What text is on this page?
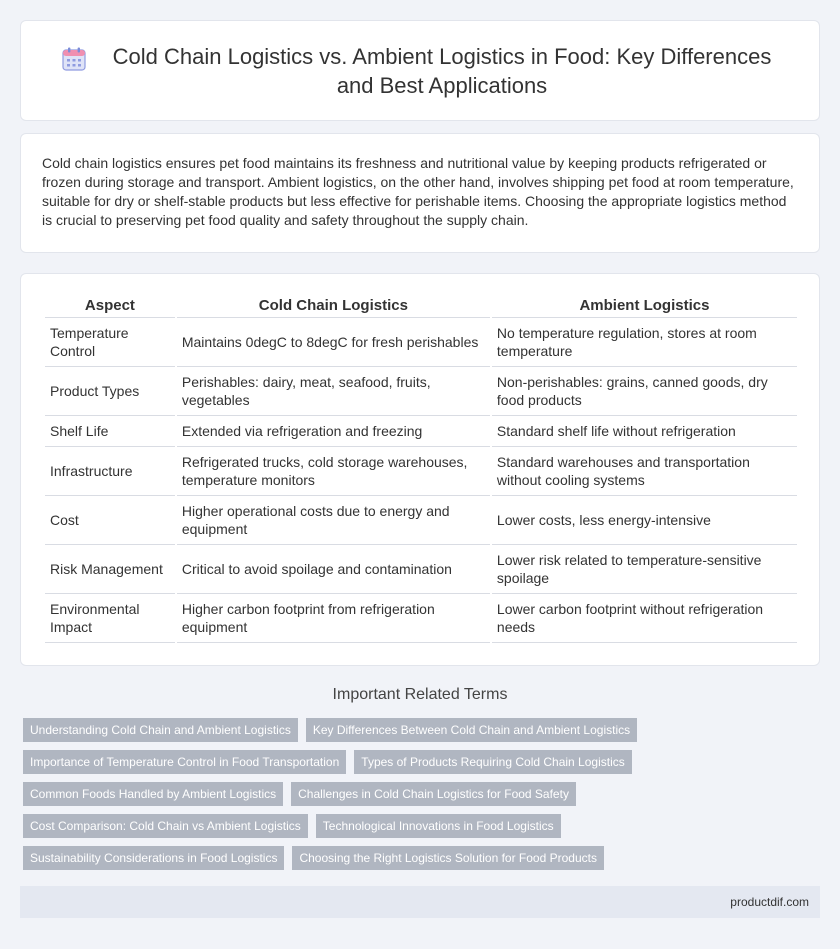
Cold Chain Logistics vs. Ambient Logistics in Food: Key Differences and Best Applications

Cold chain logistics ensures pet food maintains its freshness and nutritional value by keeping products refrigerated or frozen during storage and transport. Ambient logistics, on the other hand, involves shipping pet food at room temperature, suitable for dry or shelf-stable products but less effective for perishable items. Choosing the appropriate logistics method is crucial to preserving pet food quality and safety throughout the supply chain.

Aspect	Cold Chain Logistics	Ambient Logistics
Temperature Control	Maintains 0degC to 8degC for fresh perishables	No temperature regulation, stores at room temperature
Product Types	Perishables: dairy, meat, seafood, fruits, vegetables	Non-perishables: grains, canned goods, dry food products
Shelf Life	Extended via refrigeration and freezing	Standard shelf life without refrigeration
Infrastructure	Refrigerated trucks, cold storage warehouses, temperature monitors	Standard warehouses and transportation without cooling systems
Cost	Higher operational costs due to energy and equipment	Lower costs, less energy-intensive
Risk Management	Critical to avoid spoilage and contamination	Lower risk related to temperature-sensitive spoilage
Environmental Impact	Higher carbon footprint from refrigeration equipment	Lower carbon footprint without refrigeration needs
Important Related Terms
Understanding Cold Chain and Ambient Logistics	Key Differences Between Cold Chain and Ambient Logistics
Importance of Temperature Control in Food Transportation	Types of Products Requiring Cold Chain Logistics
Common Foods Handled by Ambient Logistics	Challenges in Cold Chain Logistics for Food Safety
Cost Comparison: Cold Chain vs Ambient Logistics	Technological Innovations in Food Logistics
Sustainability Considerations in Food Logistics	Choosing the Right Logistics Solution for Food Products
productdif.com
